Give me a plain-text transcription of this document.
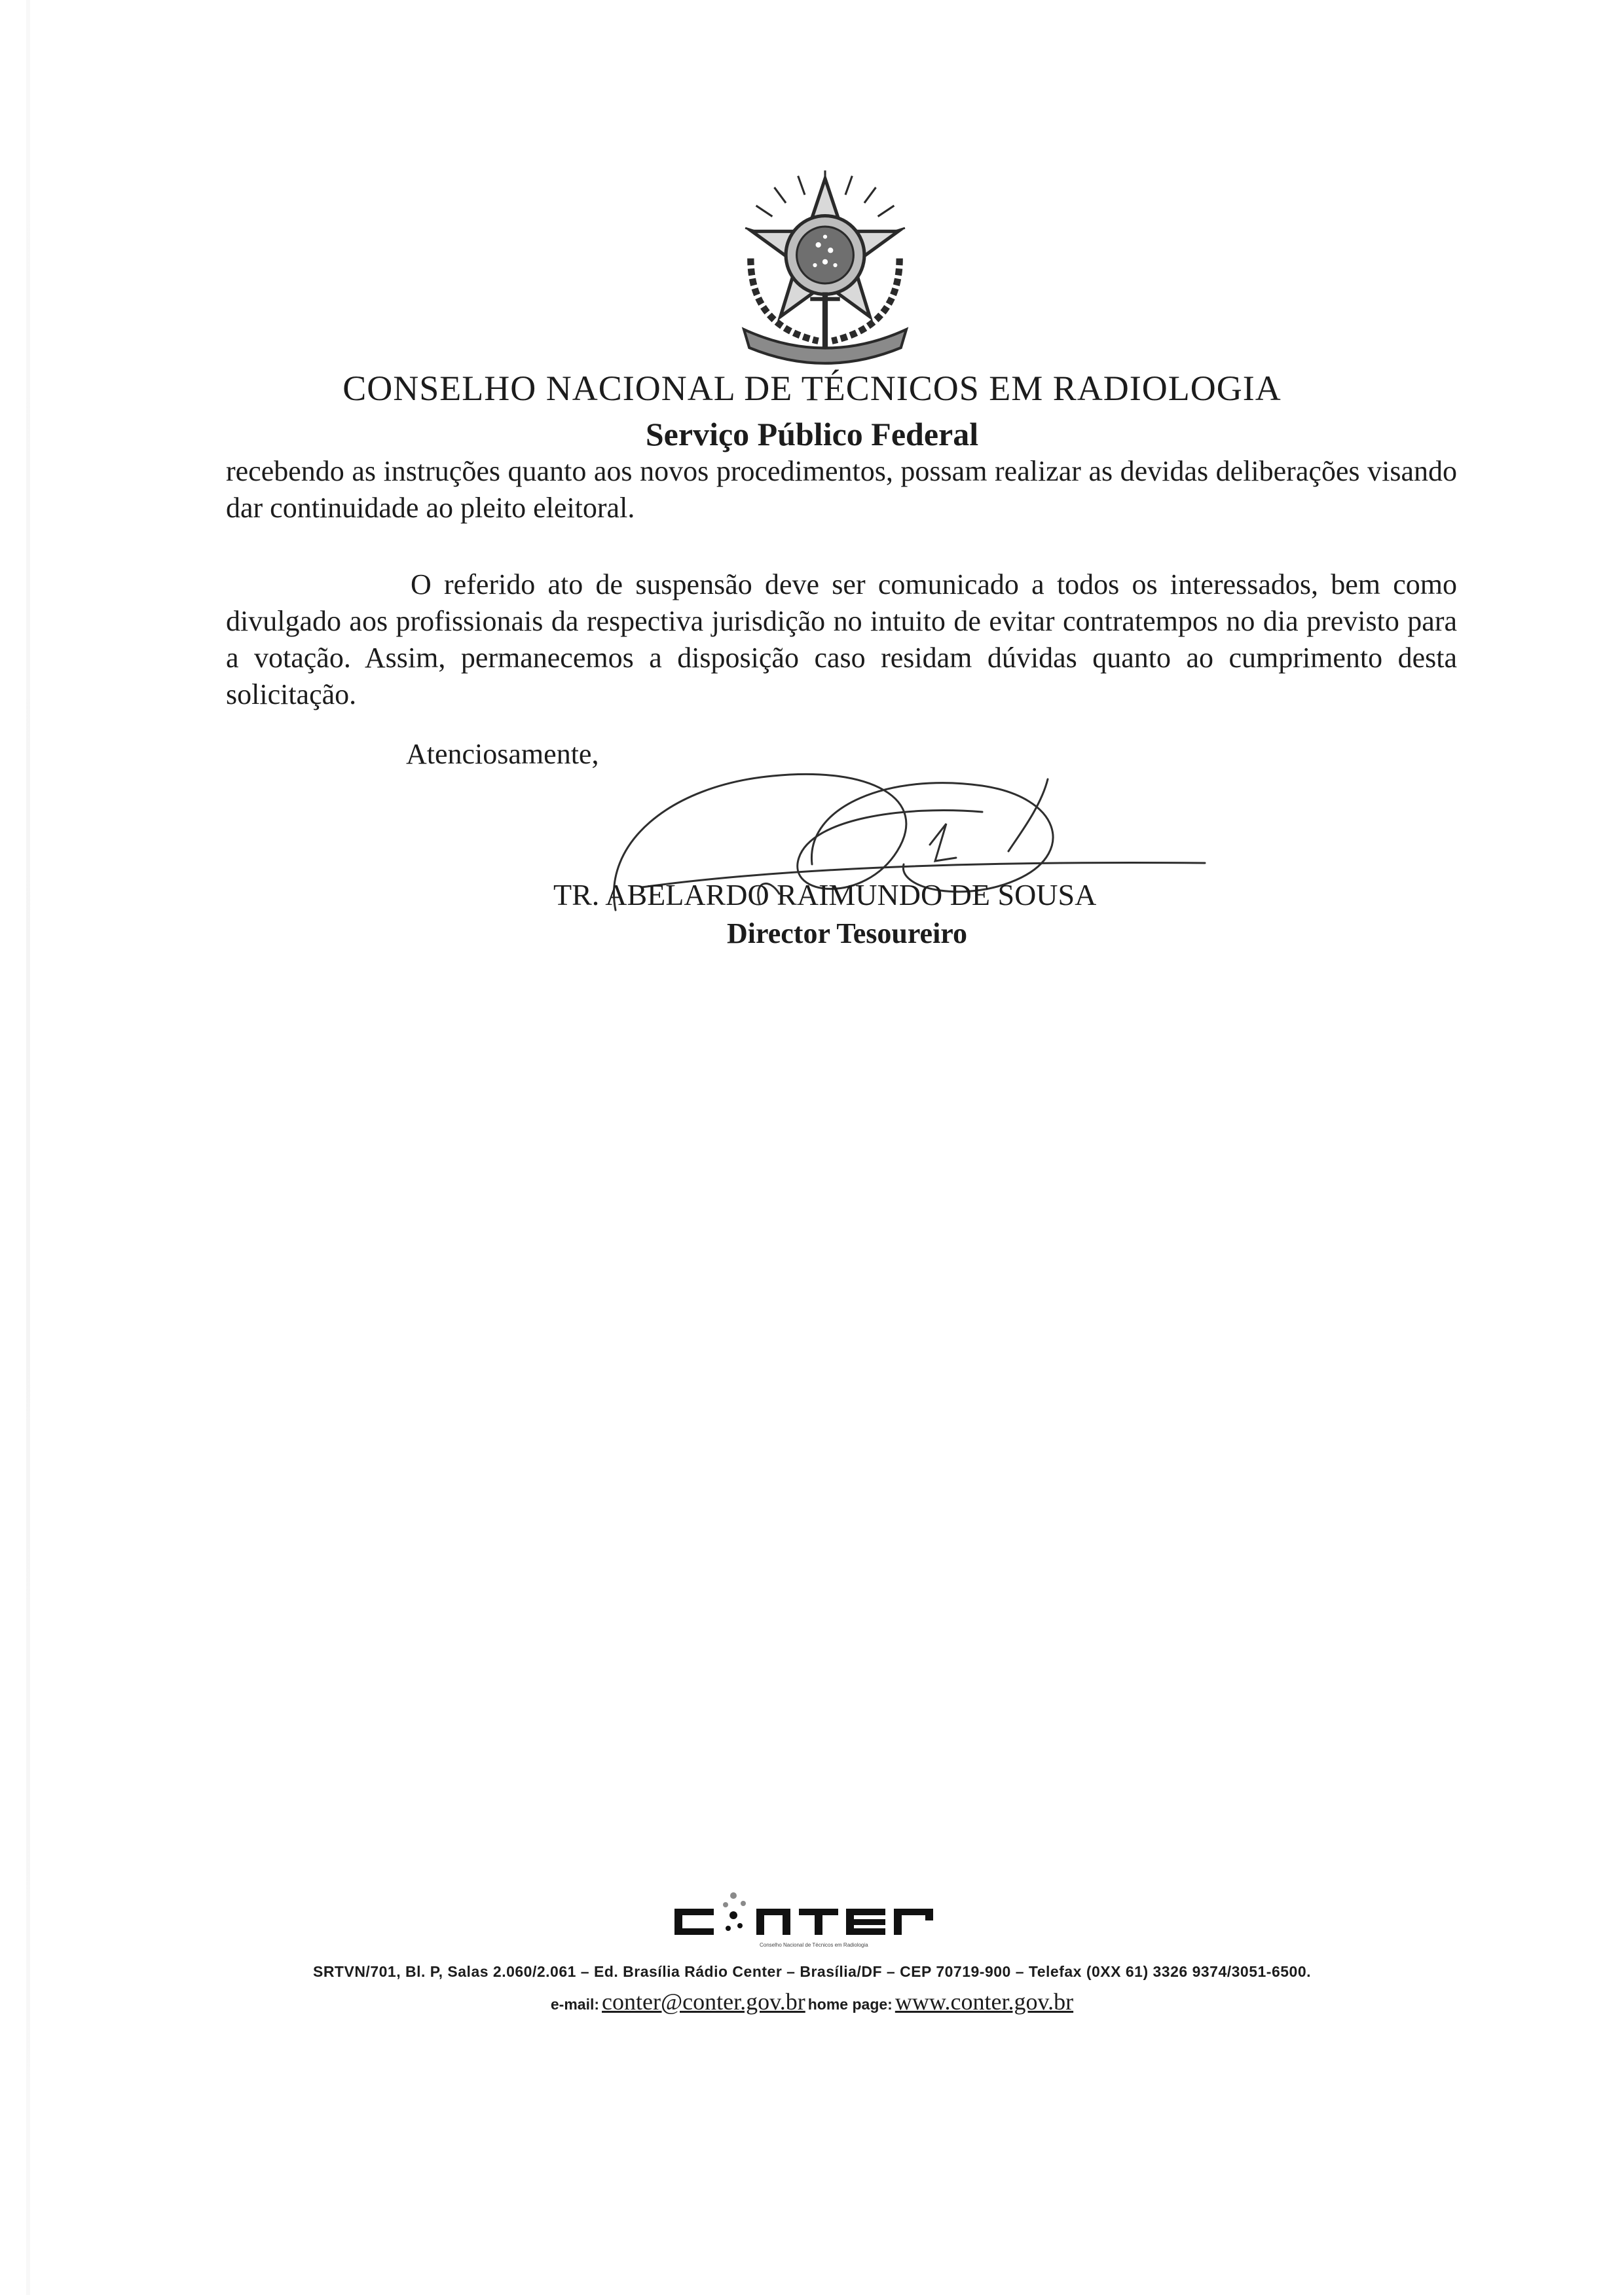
CONSELHO NACIONAL DE TÉCNICOS EM RADIOLOGIA
Serviço Público Federal
recebendo as instruções quanto aos novos procedimentos, possam realizar as devidas deliberações visando dar continuidade ao pleito eleitoral.
O referido ato de suspensão deve ser comunicado a todos os interessados, bem como divulgado aos profissionais da respectiva jurisdição no intuito de evitar contratempos no dia previsto para a votação. Assim, permanecemos a disposição caso residam dúvidas quanto ao cumprimento desta solicitação.
Atenciosamente,
TR. ABELARDO RAIMUNDO DE SOUSA
Director Tesoureiro
Conselho Nacional de Técnicos em Radiologia
SRTVN/701, Bl. P, Salas 2.060/2.061 – Ed. Brasília Rádio Center – Brasília/DF – CEP 70719-900 – Telefax (0XX 61) 3326 9374/3051-6500.
e-mail: conter@conter.gov.br home page: www.conter.gov.br
